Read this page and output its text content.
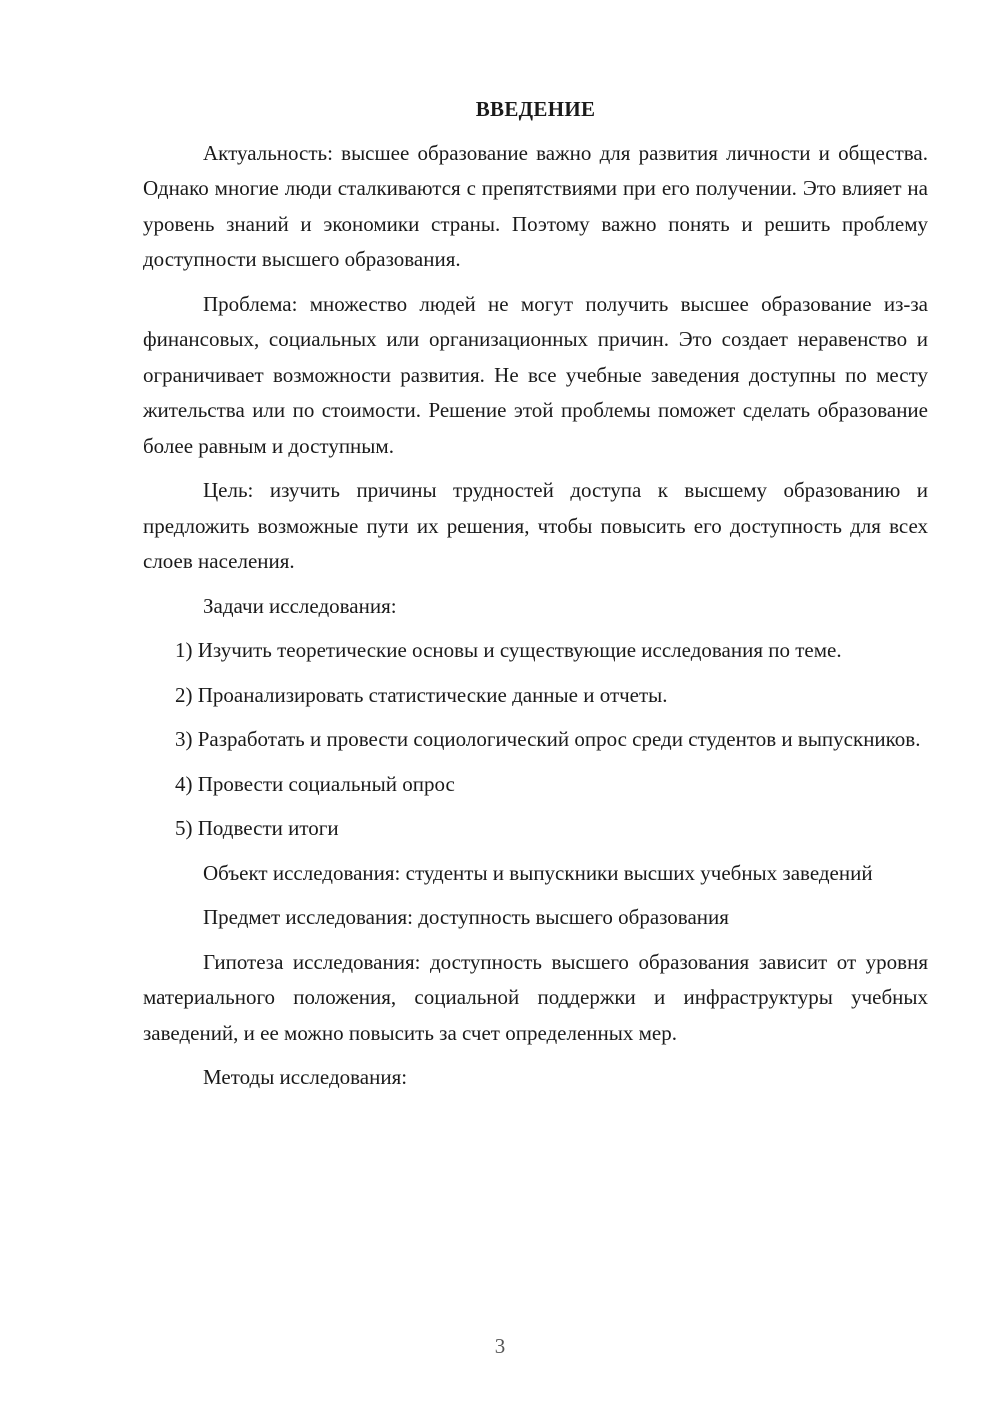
ВВЕДЕНИЕ

Актуальность: высшее образование важно для развития личности и общества. Однако многие люди сталкиваются с препятствиями при его получении. Это влияет на уровень знаний и экономики страны. Поэтому важно понять и решить проблему доступности высшего образования.

Проблема: множество людей не могут получить высшее образование из-за финансовых, социальных или организационных причин. Это создает неравенство и ограничивает возможности развития. Не все учебные заведения доступны по месту жительства или по стоимости. Решение этой проблемы поможет сделать образование более равным и доступным.

Цель: изучить причины трудностей доступа к высшему образованию и предложить возможные пути их решения, чтобы повысить его доступность для всех слоев населения.

Задачи исследования:

1) Изучить теоретические основы и существующие исследования по теме.

2) Проанализировать статистические данные и отчеты.

3) Разработать и провести социологический опрос среди студентов и выпускников.

4) Провести социальный опрос

5) Подвести итоги

Объект исследования: студенты и выпускники высших учебных заведений

Предмет исследования: доступность высшего образования

Гипотеза исследования: доступность высшего образования зависит от уровня материального положения, социальной поддержки и инфраструктуры учебных заведений, и ее можно повысить за счет определенных мер.

Методы исследования:

3
